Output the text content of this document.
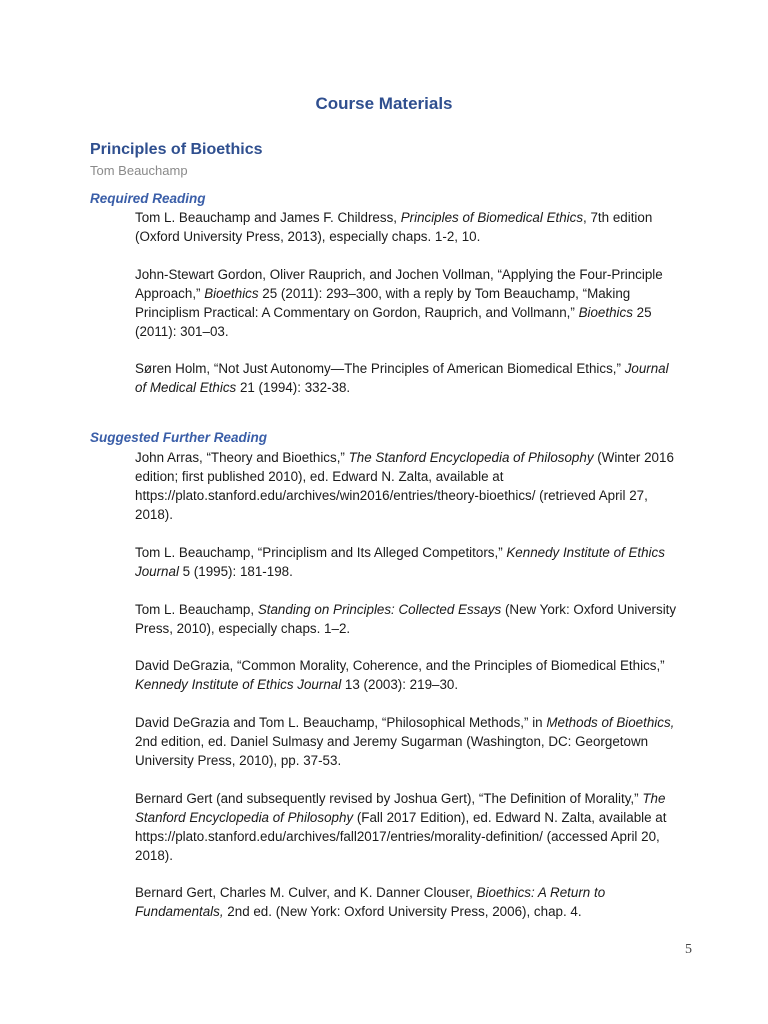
Course Materials
Principles of Bioethics

Tom Beauchamp

Required Reading

Tom L. Beauchamp and James F. Childress, Principles of Biomedical Ethics, 7th edition (Oxford University Press, 2013), especially chaps. 1-2, 10.

John-Stewart Gordon, Oliver Rauprich, and Jochen Vollman, “Applying the Four-Principle Approach,” Bioethics 25 (2011): 293–300, with a reply by Tom Beauchamp, “Making Principlism Practical: A Commentary on Gordon, Rauprich, and Vollmann,” Bioethics 25 (2011): 301–03.

Søren Holm, “Not Just Autonomy—The Principles of American Biomedical Ethics,” Journal of Medical Ethics 21 (1994): 332-38.

Suggested Further Reading

John Arras, “Theory and Bioethics,” The Stanford Encyclopedia of Philosophy (Winter 2016 edition; first published 2010), ed. Edward N. Zalta, available at https://plato.stanford.edu/archives/win2016/entries/theory-bioethics/ (retrieved April 27, 2018).

Tom L. Beauchamp, “Principlism and Its Alleged Competitors,” Kennedy Institute of Ethics Journal 5 (1995): 181-198.

Tom L. Beauchamp, Standing on Principles: Collected Essays (New York: Oxford University Press, 2010), especially chaps. 1–2.

David DeGrazia, “Common Morality, Coherence, and the Principles of Biomedical Ethics,” Kennedy Institute of Ethics Journal 13 (2003): 219–30.

David DeGrazia and Tom L. Beauchamp, “Philosophical Methods,” in Methods of Bioethics, 2nd edition, ed. Daniel Sulmasy and Jeremy Sugarman (Washington, DC: Georgetown University Press, 2010), pp. 37-53.

Bernard Gert (and subsequently revised by Joshua Gert), “The Definition of Morality,” The Stanford Encyclopedia of Philosophy (Fall 2017 Edition), ed. Edward N. Zalta, available at https://plato.stanford.edu/archives/fall2017/entries/morality-definition/ (accessed April 20, 2018).

Bernard Gert, Charles M. Culver, and K. Danner Clouser, Bioethics: A Return to Fundamentals, 2nd ed. (New York: Oxford University Press, 2006), chap. 4.

5
